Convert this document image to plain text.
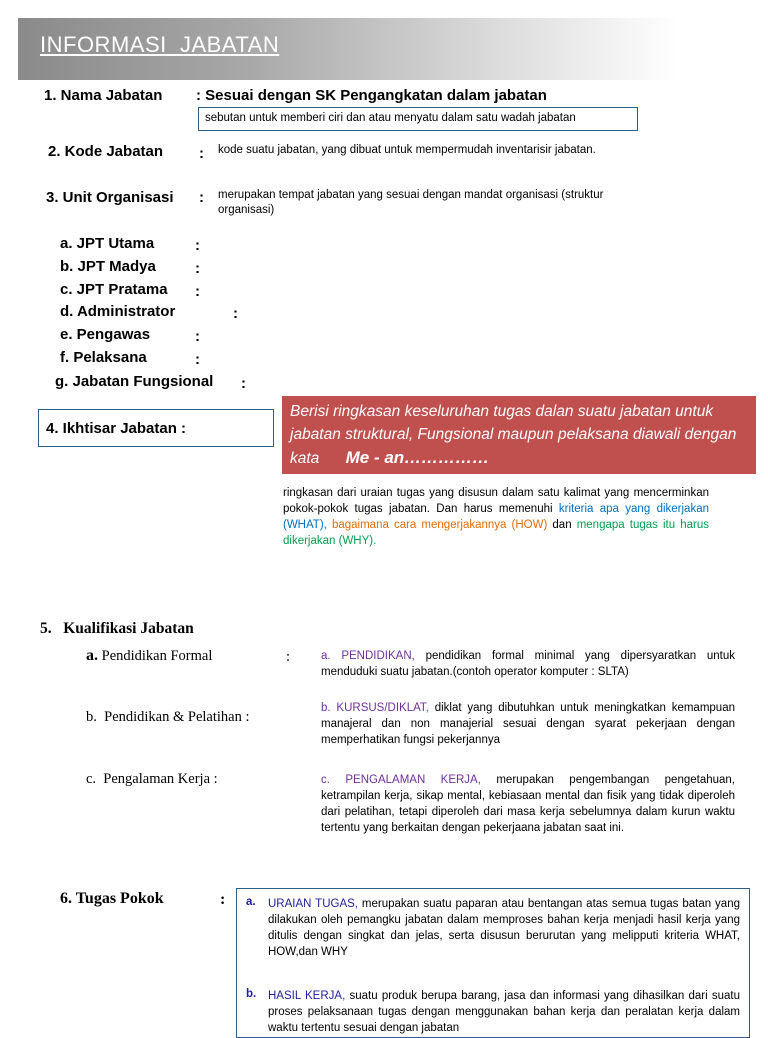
INFORMASI  JABATAN
1. Nama Jabatan : Sesuai dengan SK Pengangkatan dalam jabatan
sebutan untuk memberi ciri dan atau menyatu dalam satu wadah jabatan
2. Kode Jabatan : kode suatu jabatan, yang dibuat untuk mempermudah inventarisir jabatan.
3. Unit Organisasi : merupakan tempat jabatan yang sesuai dengan mandat organisasi (struktur organisasi)
a. JPT Utama	:
b. JPT Madya	:
c. JPT Pratama :
d. Administrator	:
e. Pengawas	:
f. Pelaksana	:
g. Jabatan Fungsional :
4. Ikhtisar Jabatan :
Berisi ringkasan keseluruhan tugas dalan suatu jabatan untuk jabatan struktural, Fungsional maupun pelaksana diawali dengan kata Me - an……………
ringkasan dari uraian tugas yang disusun dalam satu kalimat yang mencerminkan pokok-pokok tugas jabatan. Dan harus memenuhi kriteria apa yang dikerjakan (WHAT), bagaimana cara mengerjakannya (HOW) dan mengapa tugas itu harus dikerjakan (WHY).
5.   Kualifikasi Jabatan
a. Pendidikan Formal	:	a. PENDIDIKAN, pendidikan formal minimal yang dipersyaratkan untuk menduduki suatu jabatan.(contoh operator komputer : SLTA)
b.  Pendidikan & Pelatihan :
b. KURSUS/DIKLAT, diklat yang dibutuhkan untuk meningkatkan kemampuan manajeral dan non manajerial sesuai dengan syarat pekerjaan dengan memperhatikan fungsi pekerjannya
c.  Pengalaman Kerja :	c. PENGALAMAN KERJA, merupakan pengembangan pengetahuan, ketrampilan kerja, sikap mental, kebiasaan mental dan fisik yang tidak diperoleh dari pelatihan, tetapi diperoleh dari masa kerja sebelumnya dalam kurun waktu tertentu yang berkaitan dengan pekerjaana jabatan saat ini.
6. Tugas Pokok	: a. URAIAN TUGAS, merupakan suatu paparan atau bentangan atas semua tugas batan yang dilakukan oleh pemangku jabatan dalam memproses bahan kerja menjadi hasil kerja yang ditulis dengan singkat dan jelas, serta disusun berurutan yang melipputi kriteria WHAT, HOW,dan WHY
b. HASIL KERJA, suatu produk berupa barang, jasa dan informasi yang dihasilkan dari suatu proses pelaksanaan tugas dengan menggunakan bahan kerja dan peralatan kerja dalam waktu tertentu sesuai dengan jabatan
